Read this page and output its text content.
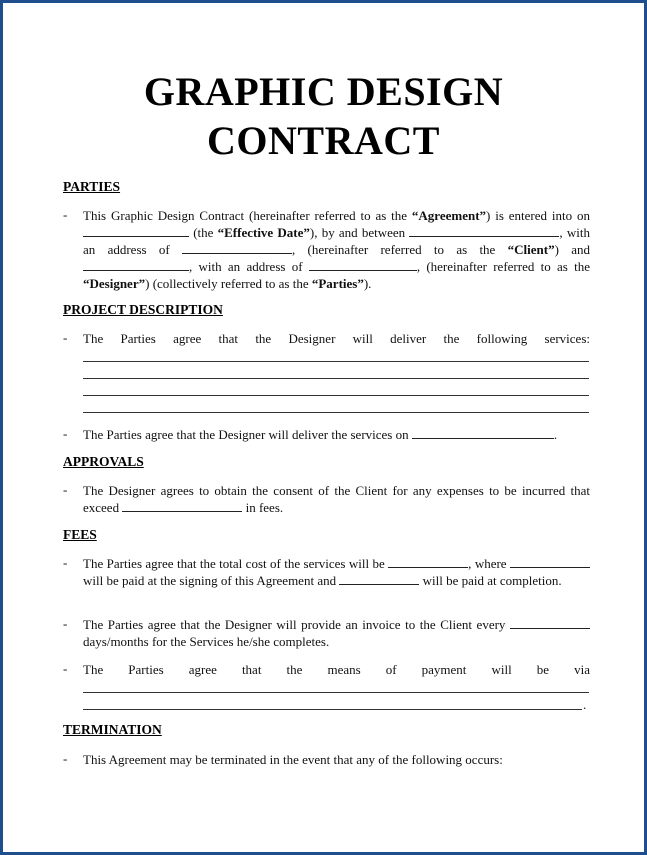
GRAPHIC DESIGN
CONTRACT
PARTIES
- This Graphic Design Contract (hereinafter referred to as the “Agreement”) is entered into on  (the “Effective Date”), by and between	, with an address of	, (hereinafter referred to as the “Client”) and , with an address of	, (hereinafter referred to as the “Designer”) (collectively referred to as the “Parties”).
PROJECT DESCRIPTION
- The Parties agree that the Designer will deliver the following services:
- The Parties agree that the Designer will deliver the services on	.
APPROVALS
- The Designer agrees to obtain the consent of the Client for any expenses to be incurred that exceed	in fees.
FEES
- The Parties agree that the total cost of the services will be	, where  will be paid at the signing of this Agreement and	will be paid at completion.
- The Parties agree that the Designer will provide an invoice to the Client every  days/months for the Services he/she completes.
- The Parties agree that the means of payment will be via
.
TERMINATION
- This Agreement may be terminated in the event that any of the following occurs:
